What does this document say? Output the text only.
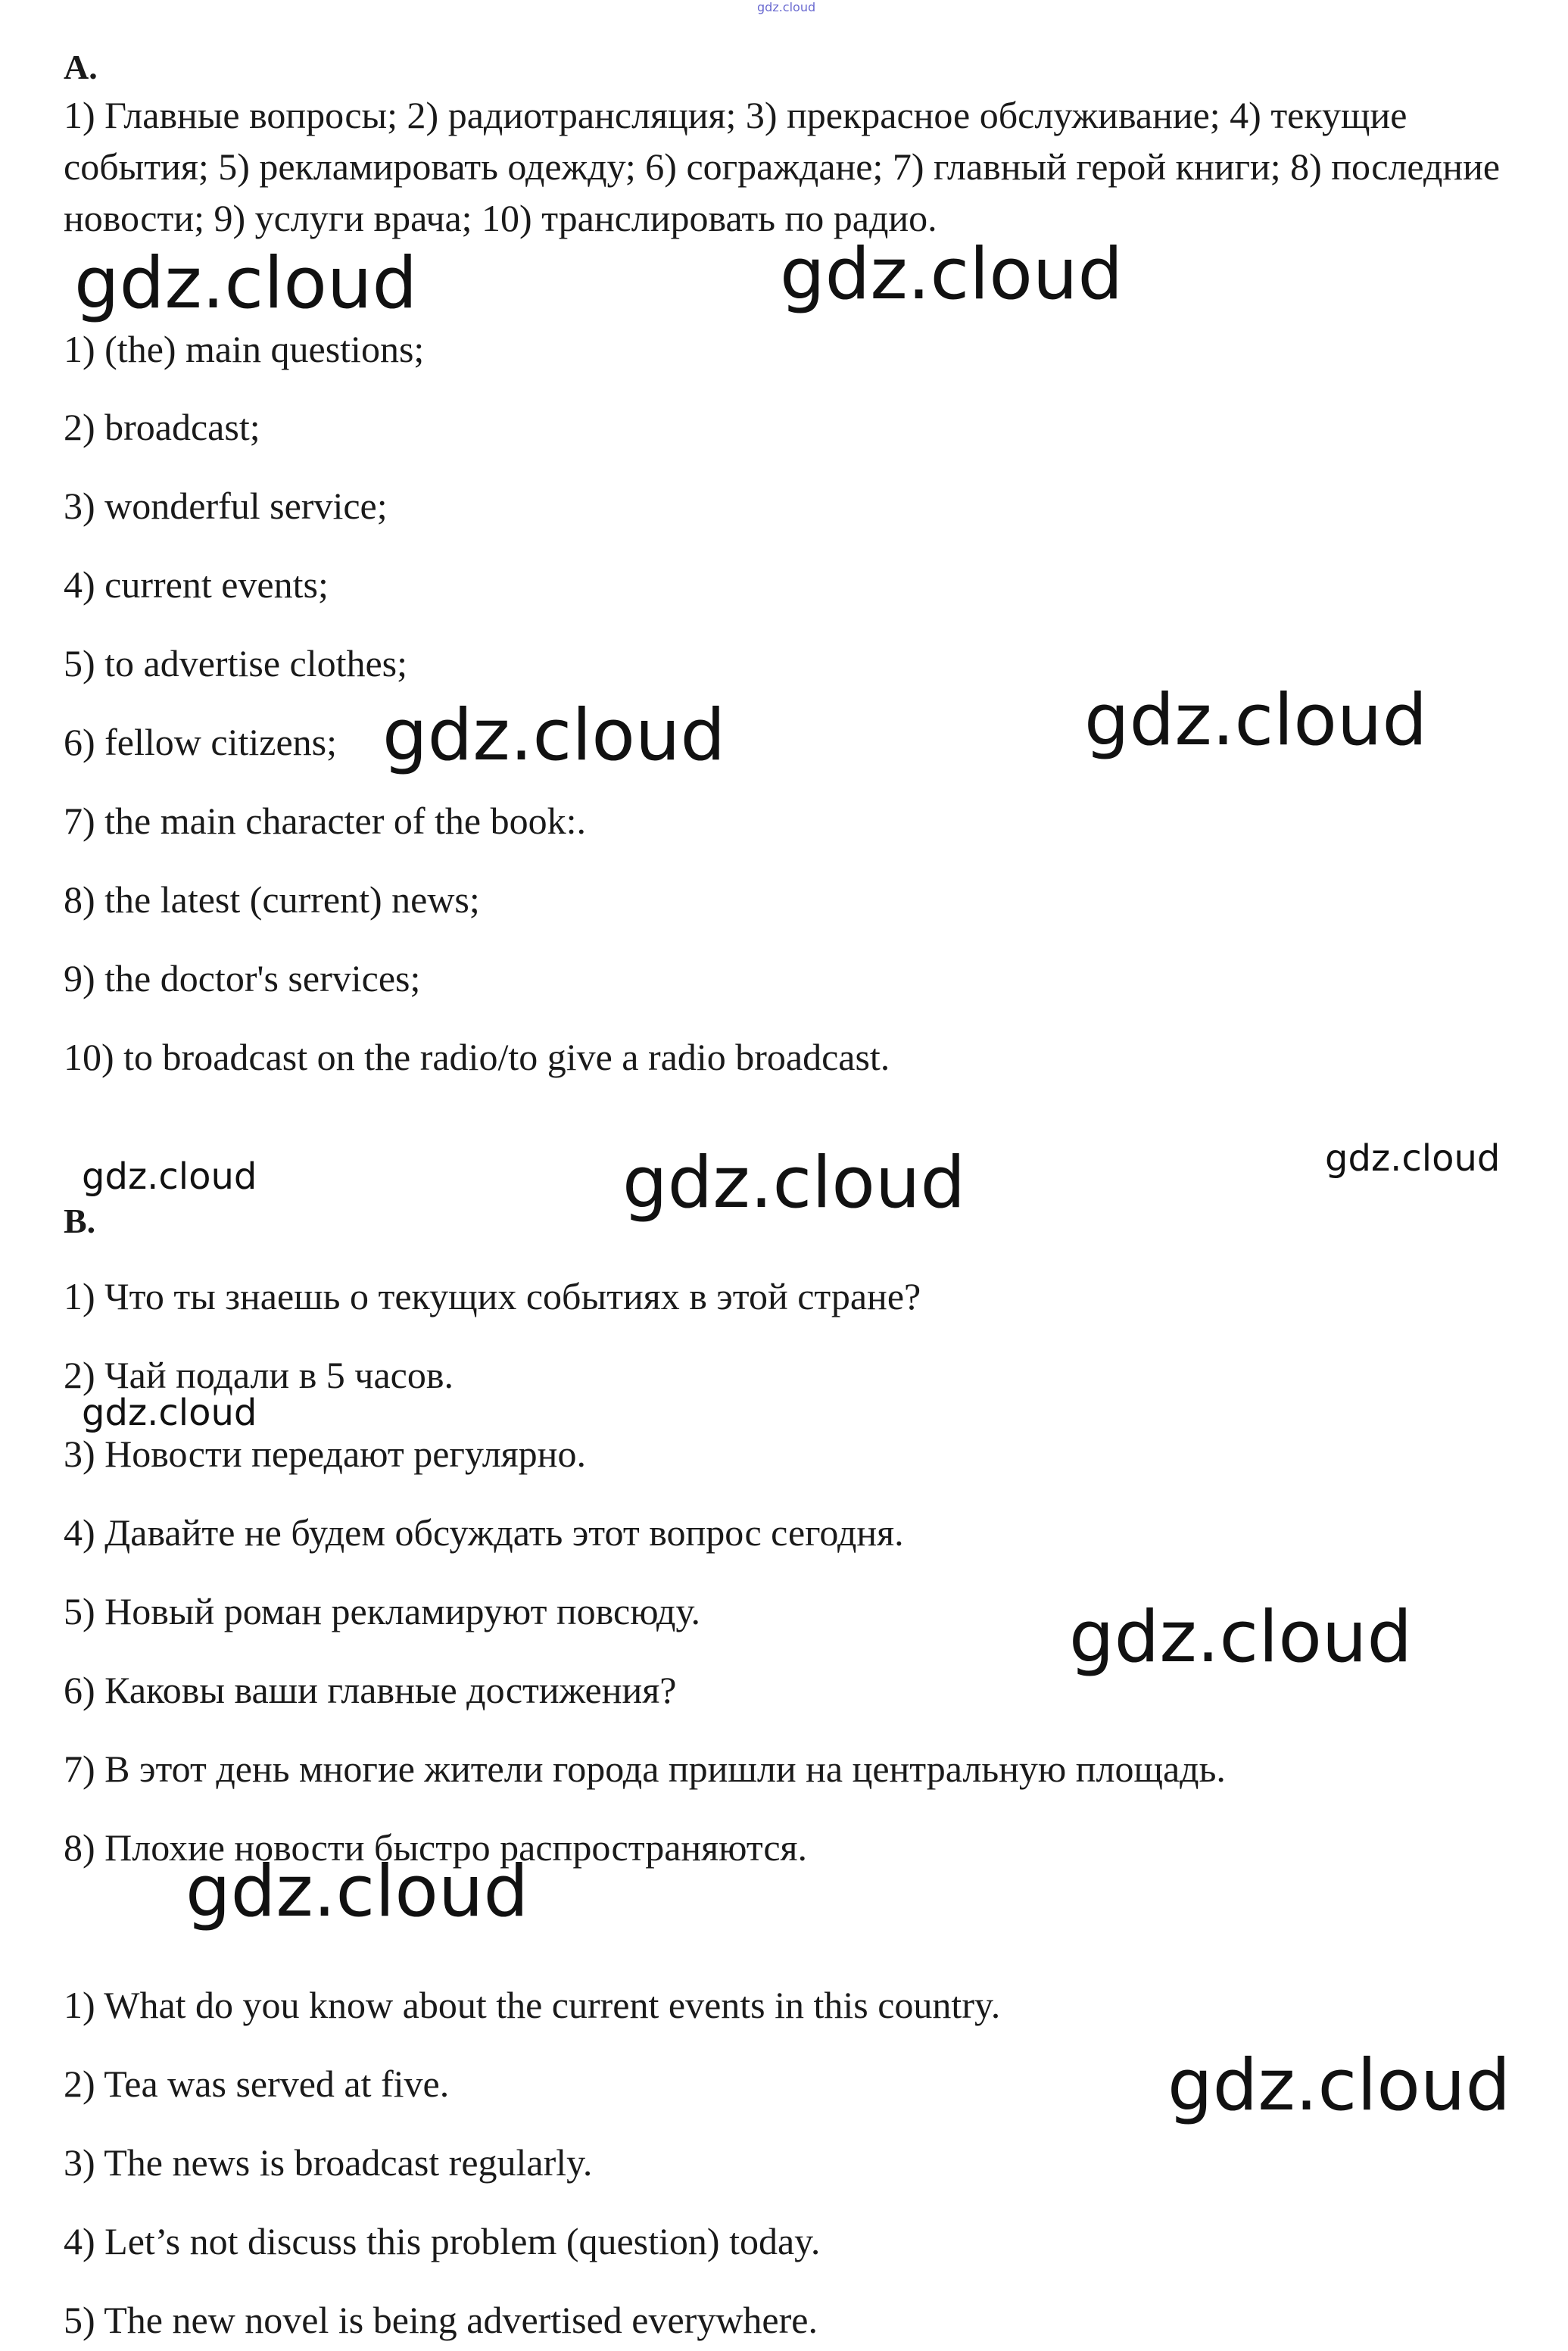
gdz.cloud
A.
1) Главные вопросы; 2) радиотрансляция; 3) прекрасное обслуживание; 4) текущие события; 5) рекламировать одежду; 6) сограждане; 7) главный герой книги; 8) последние новости; 9) услуги врача; 10) транслировать по радио.
1) (the) main questions;
2) broadcast;
3) wonderful service;
4) current events;
5) to advertise clothes;
6) fellow citizens;
7) the main character of the book:.
8) the latest (current) news;
9) the doctor's services;
10) to broadcast on the radio/to give a radio broadcast.
B.
1) Что ты знаешь о текущих событиях в этой стране?
2) Чай подали в 5 часов.
3) Новости передают регулярно.
4) Давайте не будем обсуждать этот вопрос сегодня.
5) Новый роман рекламируют повсюду.
6) Каковы ваши главные достижения?
7) В этот день многие жители города пришли на центральную площадь.
8) Плохие новости быстро распространяются.
1) What do you know about the current events in this country.
2) Tea was served at five.
3) The news is broadcast regularly.
4) Let’s not discuss this problem (question) today.
5) The new novel is being advertised everywhere.
gdz.cloud	gdz.cloud
gdz.cloud	gdz.cloud
gdz.cloud	gdz.cloud	gdz.cloud
gdz.cloud
gdz.cloud
gdz.cloud
gdz.cloud
